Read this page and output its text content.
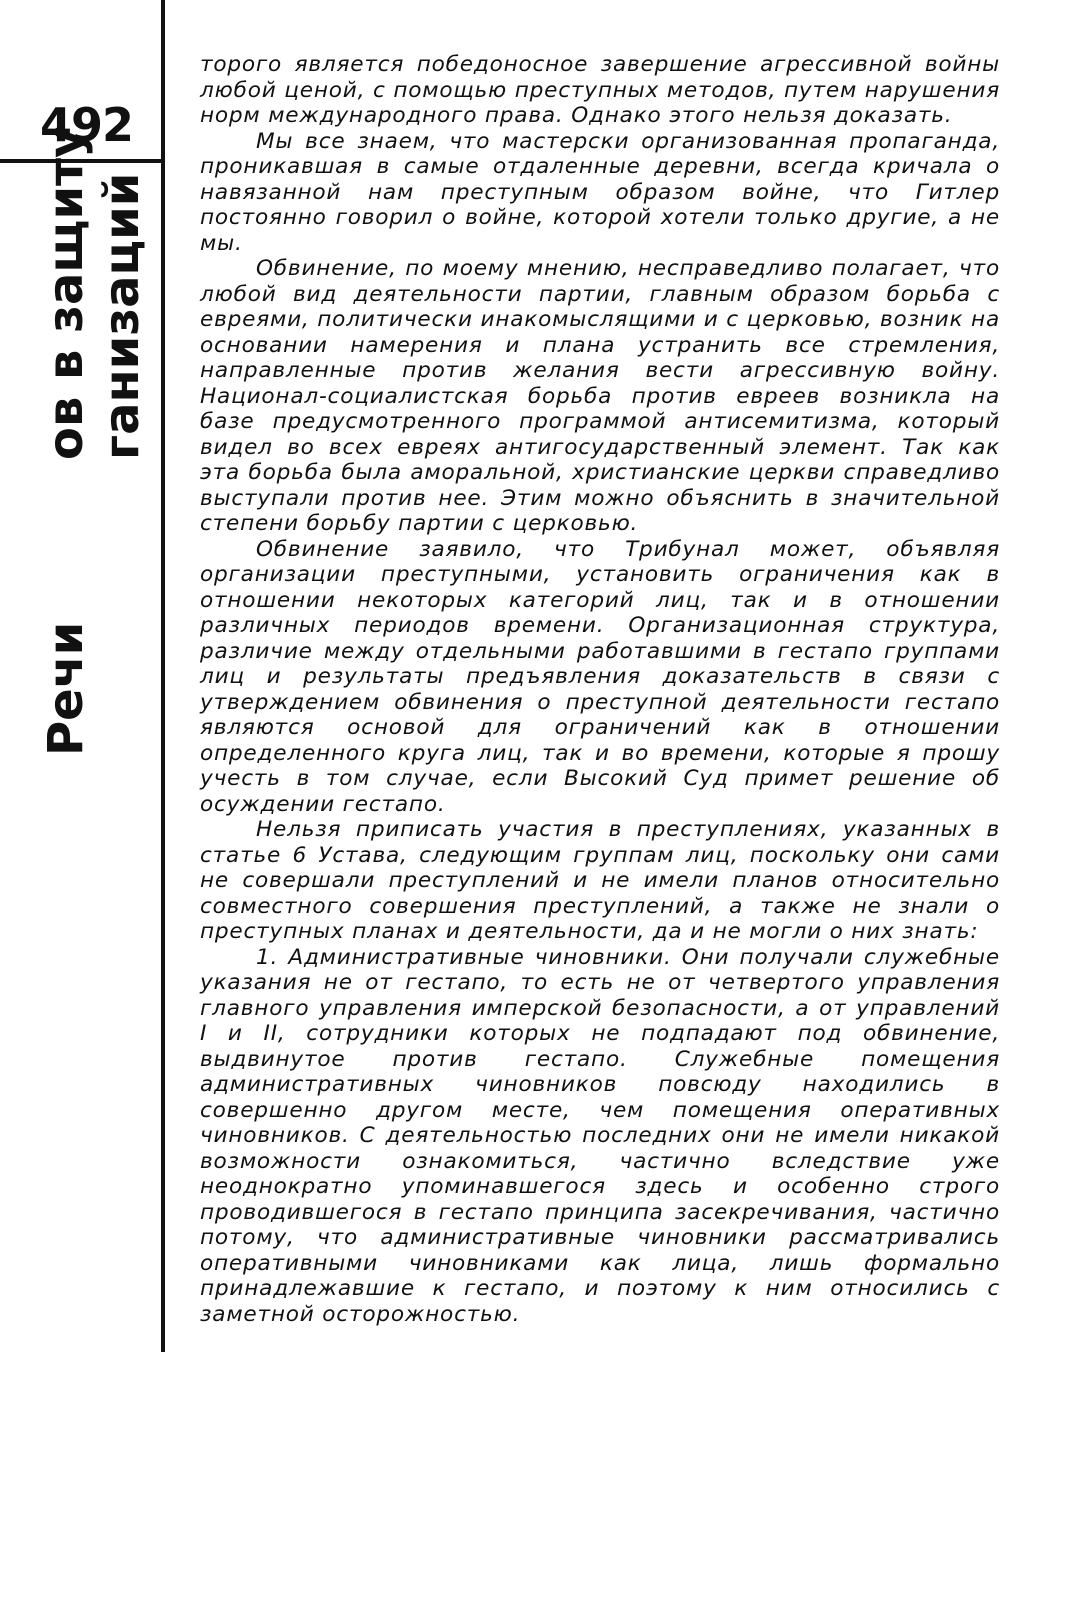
492
ов в защиту ганизаций
Речи

торого является победоносное завершение агрессивной войны любой ценой, с помощью преступных методов, путем нарушения норм международного права. Однако этого нельзя доказать.

Мы все знаем, что мастерски организованная пропаганда, проникавшая в самые отдаленные деревни, всегда кричала о навязанной нам преступным образом войне, что Гитлер постоянно говорил о войне, которой хотели только другие, а не мы.

Обвинение, по моему мнению, несправедливо полагает, что любой вид деятельности партии, главным образом борьба с евреями, политически инакомыслящими и с церковью, возник на основании намерения и плана устранить все стремления, направленные против желания вести агрессивную войну. Национал-социалистская борьба против евреев возникла на базе предусмотренного программой антисемитизма, который видел во всех евреях антигосударственный элемент. Так как эта борьба была аморальной, христианские церкви справедливо выступали против нее. Этим можно объяснить в значительной степени борьбу партии с церковью.

Обвинение заявило, что Трибунал может, объявляя организации преступными, установить ограничения как в отношении некоторых категорий лиц, так и в отношении различных периодов времени. Организационная структура, различие между отдельными работавшими в гестапо группами лиц и результаты предъявления доказательств в связи с утверждением обвинения о преступной деятельности гестапо являются основой для ограничений как в отношении определенного круга лиц, так и во времени, которые я прошу учесть в том случае, если Высокий Суд примет решение об осуждении гестапо.

Нельзя приписать участия в преступлениях, указанных в статье 6 Устава, следующим группам лиц, поскольку они сами не совершали преступлений и не имели планов относительно совместного совершения преступлений, а также не знали о преступных планах и деятельности, да и не могли о них знать:

1. Административные чиновники. Они получали служебные указания не от гестапо, то есть не от четвертого управления главного управления имперской безопасности, а от управлений I и II, сотрудники которых не подпадают под обвинение, выдвинутое против гестапо. Служебные помещения административных чиновников повсюду находились в совершенно другом месте, чем помещения оперативных чиновников. С деятельностью последних они не имели никакой возможности ознакомиться, частично вследствие уже неоднократно упоминавшегося здесь и особенно строго проводившегося в гестапо принципа засекречивания, частично потому, что административные чиновники рассматривались оперативными чиновниками как лица, лишь формально принадлежавшие к гестапо, и поэтому к ним относились с заметной осторожностью.
